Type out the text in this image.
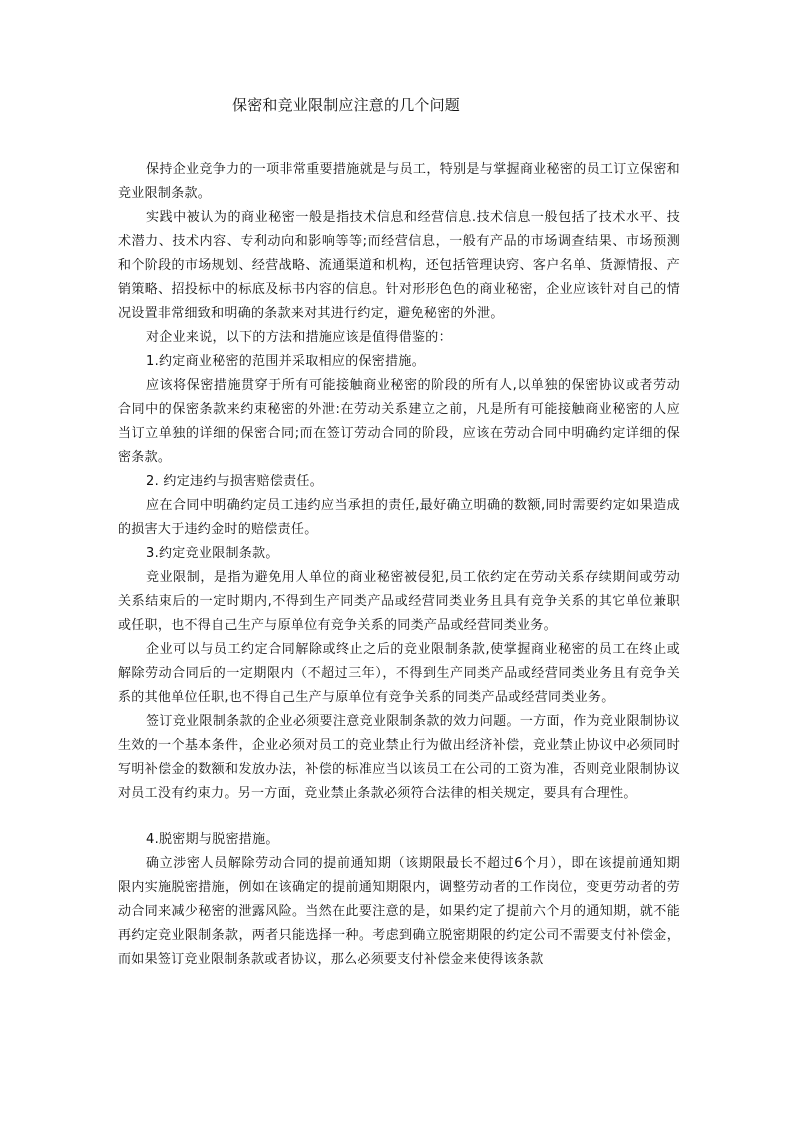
保密和竞业限制应注意的几个问题

保持企业竞争力的一项非常重要措施就是与员工，特别是与掌握商业秘密的员工订立保密和竞业限制条款。

实践中被认为的商业秘密一般是指技术信息和经营信息.技术信息一般包括了技术水平、技术潜力、技术内容、专利动向和影响等等;而经营信息，一般有产品的市场调查结果、市场预测和个阶段的市场规划、经营战略、流通渠道和机构，还包括管理诀窍、客户名单、货源情报、产销策略、招投标中的标底及标书内容的信息。针对形形色色的商业秘密，企业应该针对自己的情况设置非常细致和明确的条款来对其进行约定，避免秘密的外泄。

对企业来说，以下的方法和措施应该是值得借鉴的：

1.约定商业秘密的范围并采取相应的保密措施。

应该将保密措施贯穿于所有可能接触商业秘密的阶段的所有人,以单独的保密协议或者劳动合同中的保密条款来约束秘密的外泄:在劳动关系建立之前，凡是所有可能接触商业秘密的人应当订立单独的详细的保密合同;而在签订劳动合同的阶段，应该在劳动合同中明确约定详细的保密条款。

2. 约定违约与损害赔偿责任。

应在合同中明确约定员工违约应当承担的责任,最好确立明确的数额,同时需要约定如果造成的损害大于违约金时的赔偿责任。

3.约定竞业限制条款。

竞业限制，是指为避免用人单位的商业秘密被侵犯,员工依约定在劳动关系存续期间或劳动关系结束后的一定时期内,不得到生产同类产品或经营同类业务且具有竞争关系的其它单位兼职或任职，也不得自己生产与原单位有竞争关系的同类产品或经营同类业务。

企业可以与员工约定合同解除或终止之后的竞业限制条款,使掌握商业秘密的员工在终止或解除劳动合同后的一定期限内（不超过三年），不得到生产同类产品或经营同类业务且有竞争关系的其他单位任职,也不得自己生产与原单位有竞争关系的同类产品或经营同类业务。

签订竞业限制条款的企业必须要注意竞业限制条款的效力问题。一方面，作为竞业限制协议生效的一个基本条件，企业必须对员工的竞业禁止行为做出经济补偿，竞业禁止协议中必须同时写明补偿金的数额和发放办法，补偿的标准应当以该员工在公司的工资为准，否则竞业限制协议对员工没有约束力。另一方面，竞业禁止条款必须符合法律的相关规定，要具有合理性。

4.脱密期与脱密措施。

确立涉密人员解除劳动合同的提前通知期（该期限最长不超过6个月），即在该提前通知期限内实施脱密措施，例如在该确定的提前通知期限内，调整劳动者的工作岗位，变更劳动者的劳动合同来减少秘密的泄露风险。当然在此要注意的是，如果约定了提前六个月的通知期，就不能再约定竞业限制条款，两者只能选择一种。考虑到确立脱密期限的约定公司不需要支付补偿金，而如果签订竞业限制条款或者协议，那么必须要支付补偿金来使得该条款
